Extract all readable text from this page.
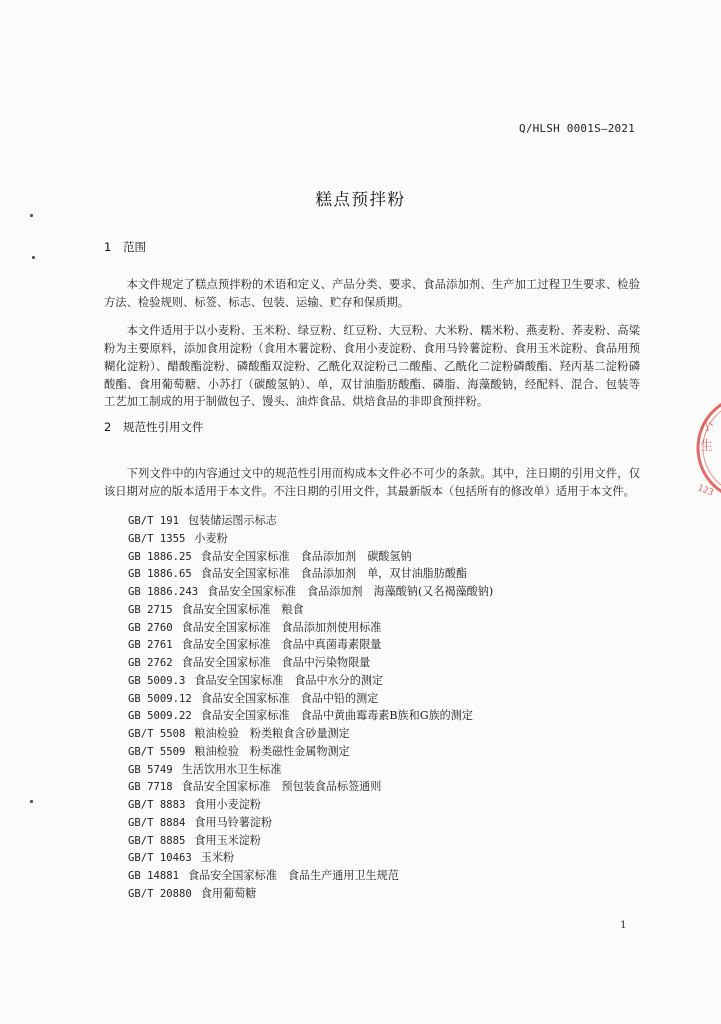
Q/HLSH 0001S—2021
糕点预拌粉
1 范围

本文件规定了糕点预拌粉的术语和定义、产品分类、要求、食品添加剂、生产加工过程卫生要求、检验方法、检验规则、标签、标志、包装、运输、贮存和保质期。

本文件适用于以小麦粉、玉米粉、绿豆粉、红豆粉、大豆粉、大米粉、糯米粉、燕麦粉、荞麦粉、高粱粉为主要原料，添加食用淀粉（食用木薯淀粉、食用小麦淀粉、食用马铃薯淀粉、食用玉米淀粉、食品用预糊化淀粉）、醋酸酯淀粉、磷酸酯双淀粉、乙酰化双淀粉己二酸酯、乙酰化二淀粉磷酸酯、羟丙基二淀粉磷酸酯、食用葡萄糖、小苏打（碳酸氢钠）、单，双甘油脂肪酸酯、磷脂、海藻酸钠，经配料、混合、包装等工艺加工制成的用于制做包子、馒头、油炸食品、烘焙食品的非即食预拌粉。

2 规范性引用文件

下列文件中的内容通过文中的规范性引用而构成本文件必不可少的条款。其中，注日期的引用文件，仅该日期对应的版本适用于本文件。不注日期的引用文件，其最新版本（包括所有的修改单）适用于本文件。

GB/T 191 包装储运图示标志
GB/T 1355 小麦粉
GB 1886.25 食品安全国家标准　食品添加剂　碳酸氢钠
GB 1886.65 食品安全国家标准　食品添加剂　单，双甘油脂肪酸酯
GB 1886.243 食品安全国家标准　食品添加剂　海藻酸钠(又名褐藻酸钠)
GB 2715 食品安全国家标准　粮食
GB 2760 食品安全国家标准　食品添加剂使用标准
GB 2761 食品安全国家标准　食品中真菌毒素限量
GB 2762 食品安全国家标准　食品中污染物限量
GB 5009.3 食品安全国家标准　食品中水分的测定
GB 5009.12 食品安全国家标准　食品中铅的测定
GB 5009.22 食品安全国家标准　食品中黄曲霉毒素B族和G族的测定
GB/T 5508 粮油检验　粉类粮食含砂量测定
GB/T 5509 粮油检验　粉类磁性金属物测定
GB 5749 生活饮用水卫生标准
GB 7718 食品安全国家标准　预包装食品标签通则
GB/T 8883 食用小麦淀粉
GB/T 8884 食用马铃薯淀粉
GB/T 8885 食用玉米淀粉
GB/T 10463 玉米粉
GB 14881 食品安全国家标准　食品生产通用卫生规范
GB/T 20880 食用葡萄糖
1
小
生
123
